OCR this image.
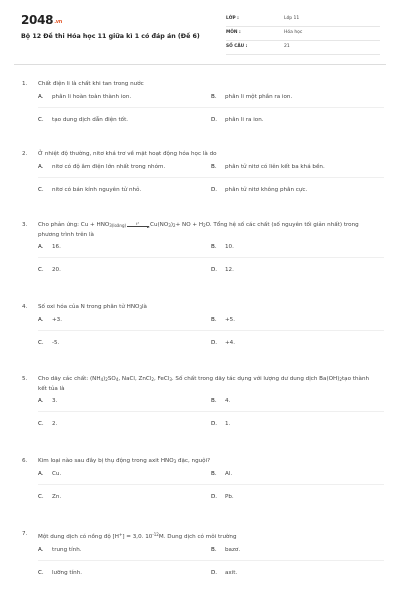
2048.vn
Bộ 12 Đề thi Hóa học 11 giữa kì 1 có đáp án (Đề 6)
LỚP :	Lớp 11
MÔN :	Hóa học
SỐ CÂU :	21
1. Chất điện li là chất khi tan trong nước
A. phân li hoàn toàn thành ion.	B. phân li một phần ra ion.
C. tạo dung dịch dẫn điện tốt.	D. phân li ra ion.
2. Ở nhiệt độ thường, nitơ khá trơ về mặt hoạt động hóa học là do
A. nitơ có độ âm điện lớn nhất trong nhóm.	B. phân tử nitơ có liên kết ba khá bền.
C. nitơ có bán kính nguyên tử nhỏ.	D. phân tử nitơ không phân cực.
3. Cho phản ứng: $Cu + HNO_{3(loãng)}$	t° $Cu(NO_3)_2+$ NO + $H_2O$. Tổng hệ số các chất (số nguyên tối giản nhất) trong phương trình trên là
A. 16.	B. 10.
C. 20.	D. 12.
4. Số oxi hóa của N trong phân tử $HNO_3là$
A. +3.	B. +5.
C. -5.	D. +4.
5. Cho dãy các chất: $(NH_4)_2SO_4$, NaCl, ZnCl$_2$, FeCl$_3$. Số chất trong dãy tác dụng với lượng dư dung dịch $Ba(OH)_2tạo$ thành kết tủa là
A. 3.	B. 4.
C. 2.	D. 1.
6. Kim loại nào sau đây bị thụ động trong axit $HNO_3$ đặc, nguội?
A. Cu.	B. Al.
C. Zn.	D. Pb.
7. Một dung dịch có nồng độ [H+] = 3,0. $10^{-12}M$. Dung dịch có môi trường
A. trung tính.	B. bazơ.
C. lưỡng tính.	D. axit.
